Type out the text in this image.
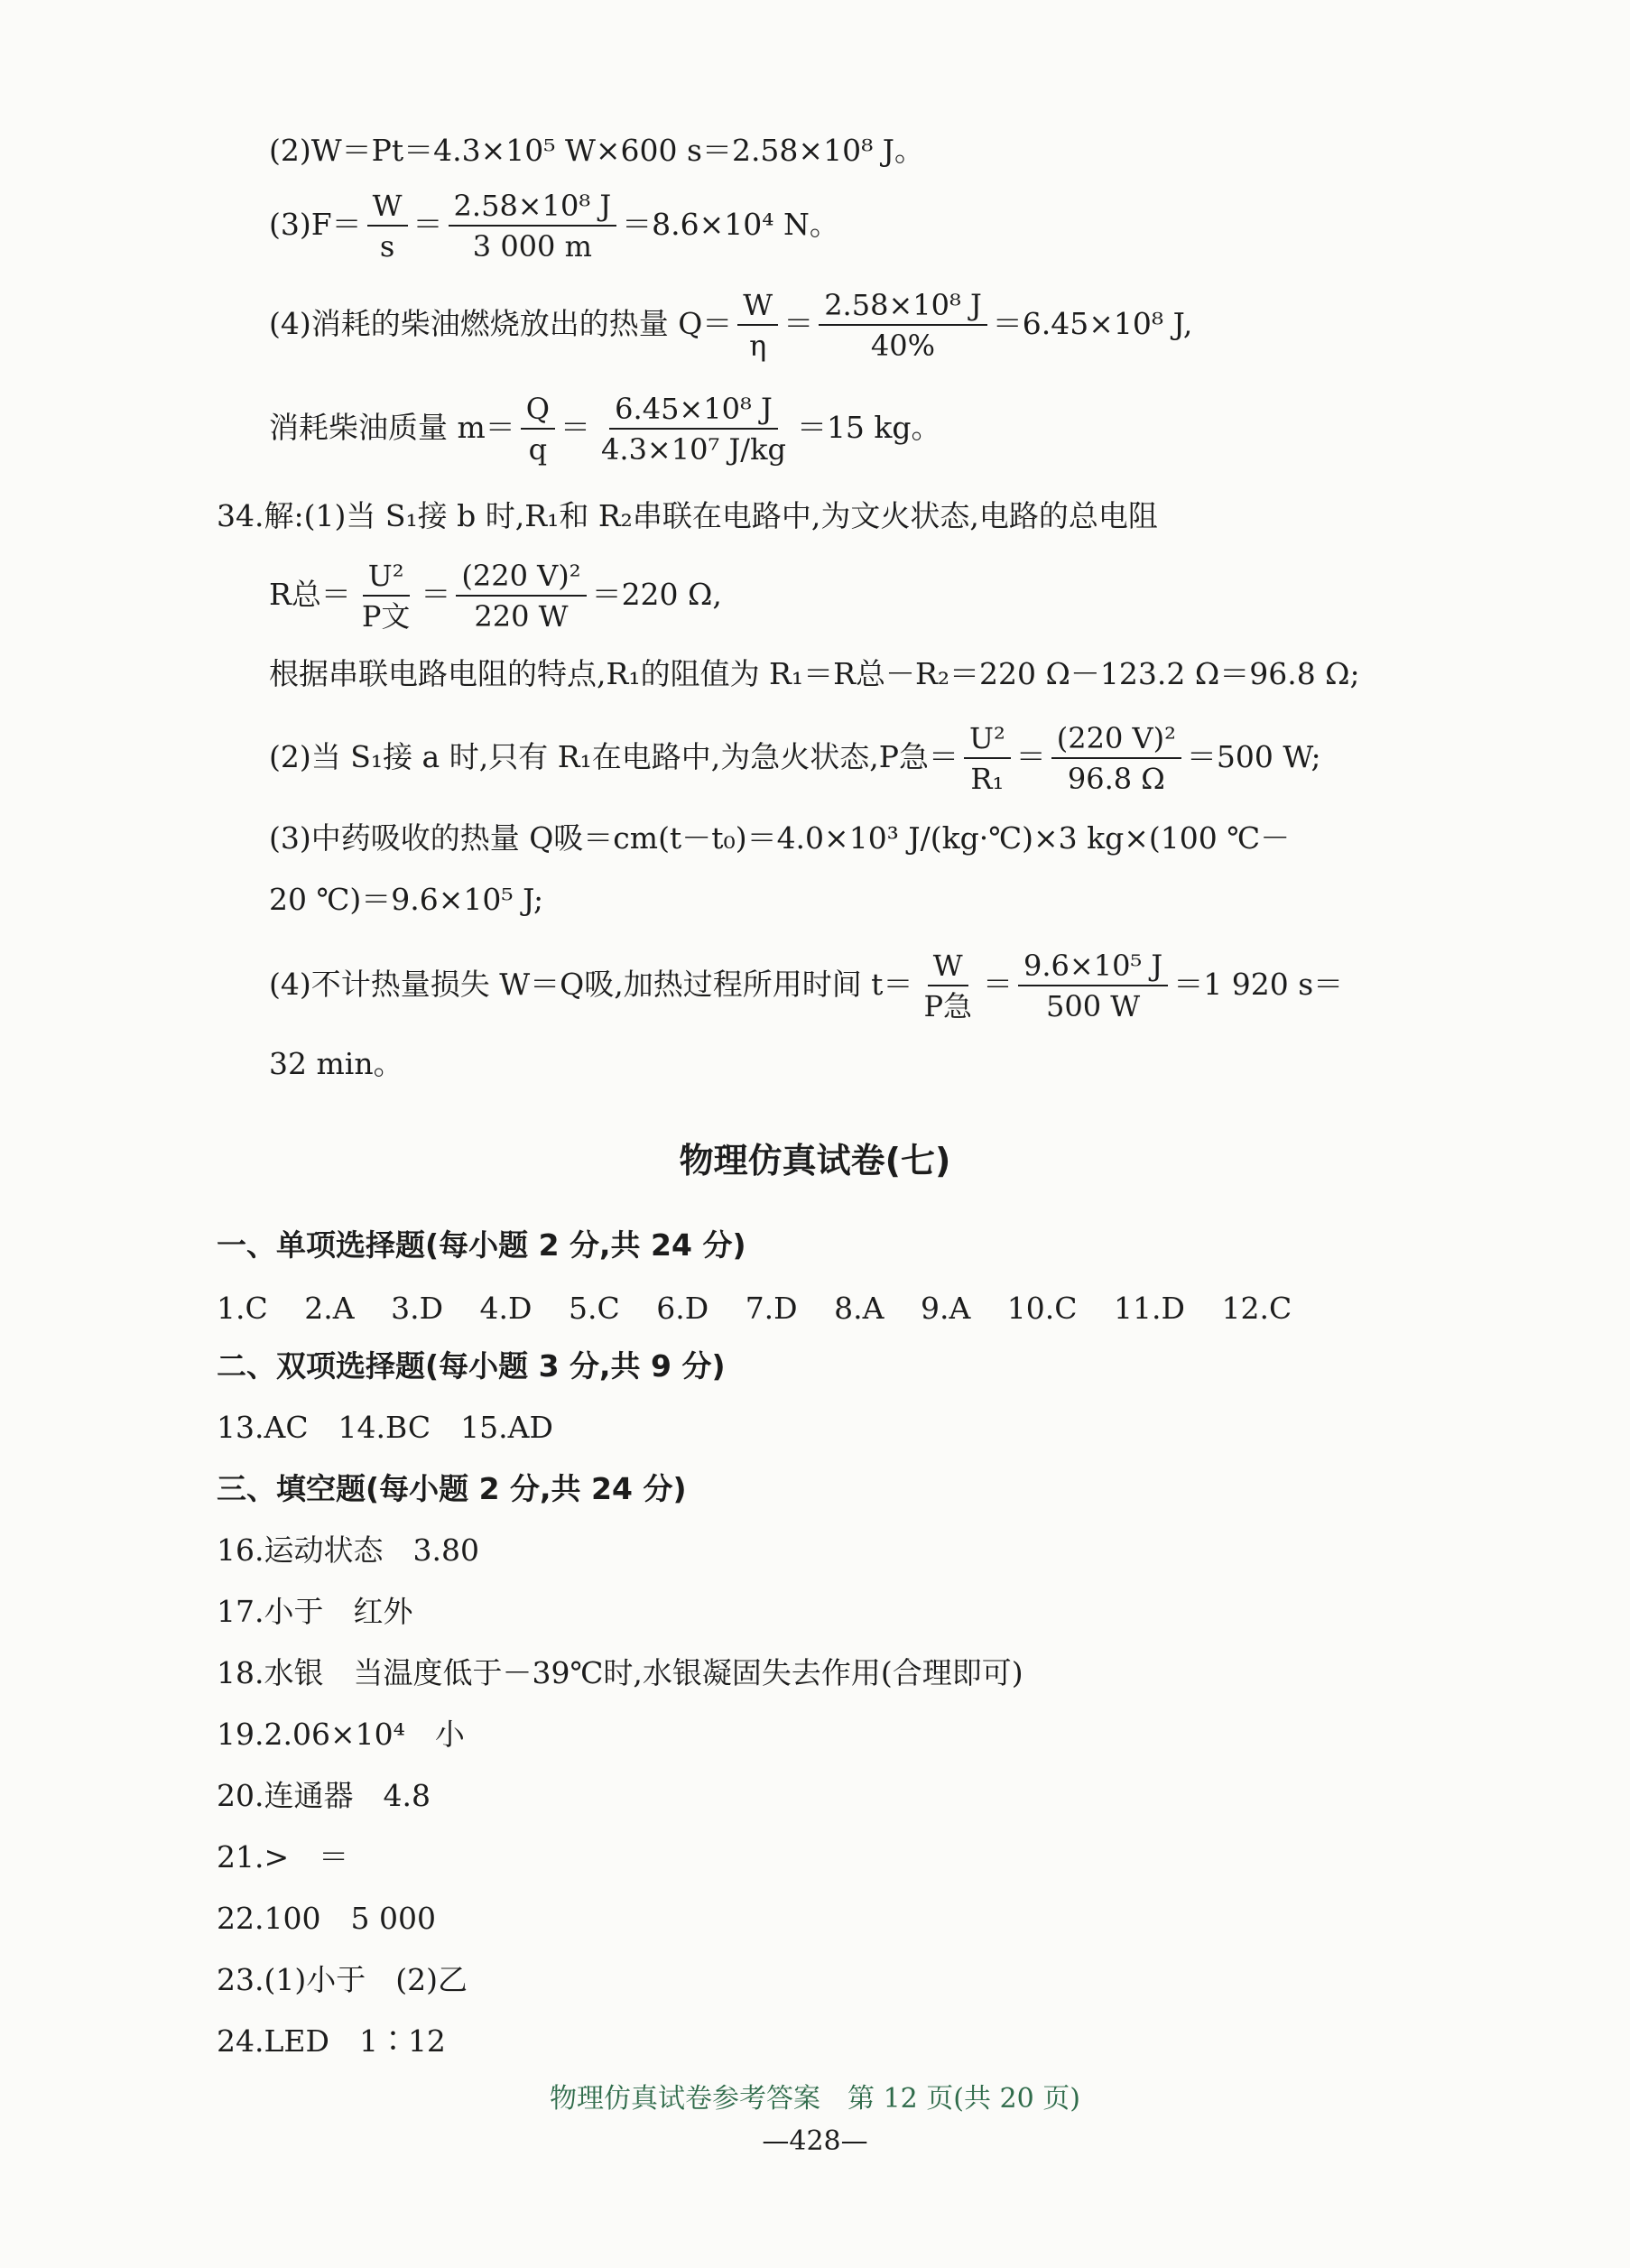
(2)W＝Pt＝4.3×10⁵ W×600 s＝2.58×10⁸ J。
$(3)F= \frac{W}{s} = \frac{\text{2.58×10⁸ J}}{3 000 m} =8.6\times 10^4$ N。
(4)消耗的柴油燃烧放出的热量 $Q= \frac{W}{\eta} = \frac{\text{2.58×10⁸ J}}{40\%} =6.45\times 10^8$ J,
消耗柴油质量 $m= \frac{Q}{q} = \frac{\text{6.45×10⁸ J}}{\text{4.3×10⁷ J/kg}} =15$ kg。
34.解:(1)当 S₁接 b 时,R₁和 R₂串联在电路中,为文火状态,电路的总电阻
R总＝ $\frac{\text{U²}}{\text{P文}} = \frac{\text{(220 V)²}}{220 W} =220$ Ω,
根据串联电路电阻的特点,R₁的阻值为 R₁＝R总－R₂＝220 Ω－123.2 Ω＝96.8 Ω;
(2)当 S₁接 a 时,只有 R₁在电路中,为急火状态,P急＝ $\frac{\text{U²}}{\text{R₁}} = \frac{\text{(220 V)²}}{96.8 \Omega} =500$ W;
(3)中药吸收的热量 Q吸＝cm(t－t₀)＝4.0×10³ J/(kg·℃)×3 kg×(100 ℃－
20 ℃)＝9.6×10⁵ J;
(4)不计热量损失 W＝Q吸,加热过程所用时间 $t= \frac{W}{\text{P急}} = \frac{\text{9.6×10⁵ J}}{500 W} =1$ 920 s＝
32 min。
物理仿真试卷(七)
一、单项选择题(每小题 2 分,共 24 分)
1.C 2.A 3.D 4.D 5.C 6.D 7.D 8.A 9.A 10.C 11.D 12.C
二、双项选择题(每小题 3 分,共 9 分)
13.AC　14.BC　15.AD
三、填空题(每小题 2 分,共 24 分)
16.运动状态　3.80
17.小于　红外
18.水银　当温度低于－39℃时,水银凝固失去作用(合理即可)
19.2.06×10⁴　小
20.连通器　4.8
21.>　＝
22.100　5 000
23.(1)小于　(2)乙
24.LED　1∶12
物理仿真试卷参考答案　第 12 页(共 20 页)
—428—
